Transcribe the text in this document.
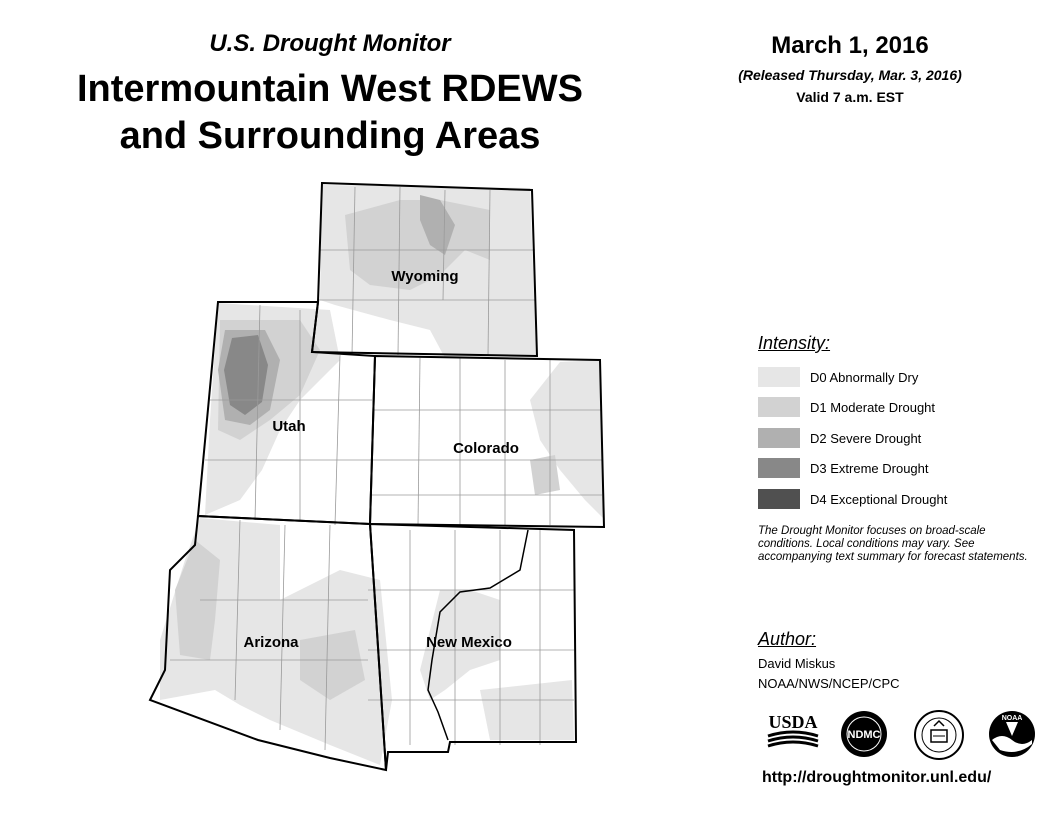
U.S. Drought Monitor
Intermountain West RDEWS
and Surrounding Areas
March 1, 2016
(Released Thursday, Mar. 3, 2016)
Valid 7 a.m. EST
Wyoming
Utah
Colorado
Arizona	New Mexico
Intensity:
D0 Abnormally Dry
D1 Moderate Drought
D2 Severe Drought
D3 Extreme Drought
D4 Exceptional Drought
The Drought Monitor focuses on broad-scale conditions. Local conditions may vary. See accompanying text summary for forecast statements.
Author:
David Miskus
NOAA/NWS/NCEP/CPC
USDA
NDMC
NOAA
http://droughtmonitor.unl.edu/
